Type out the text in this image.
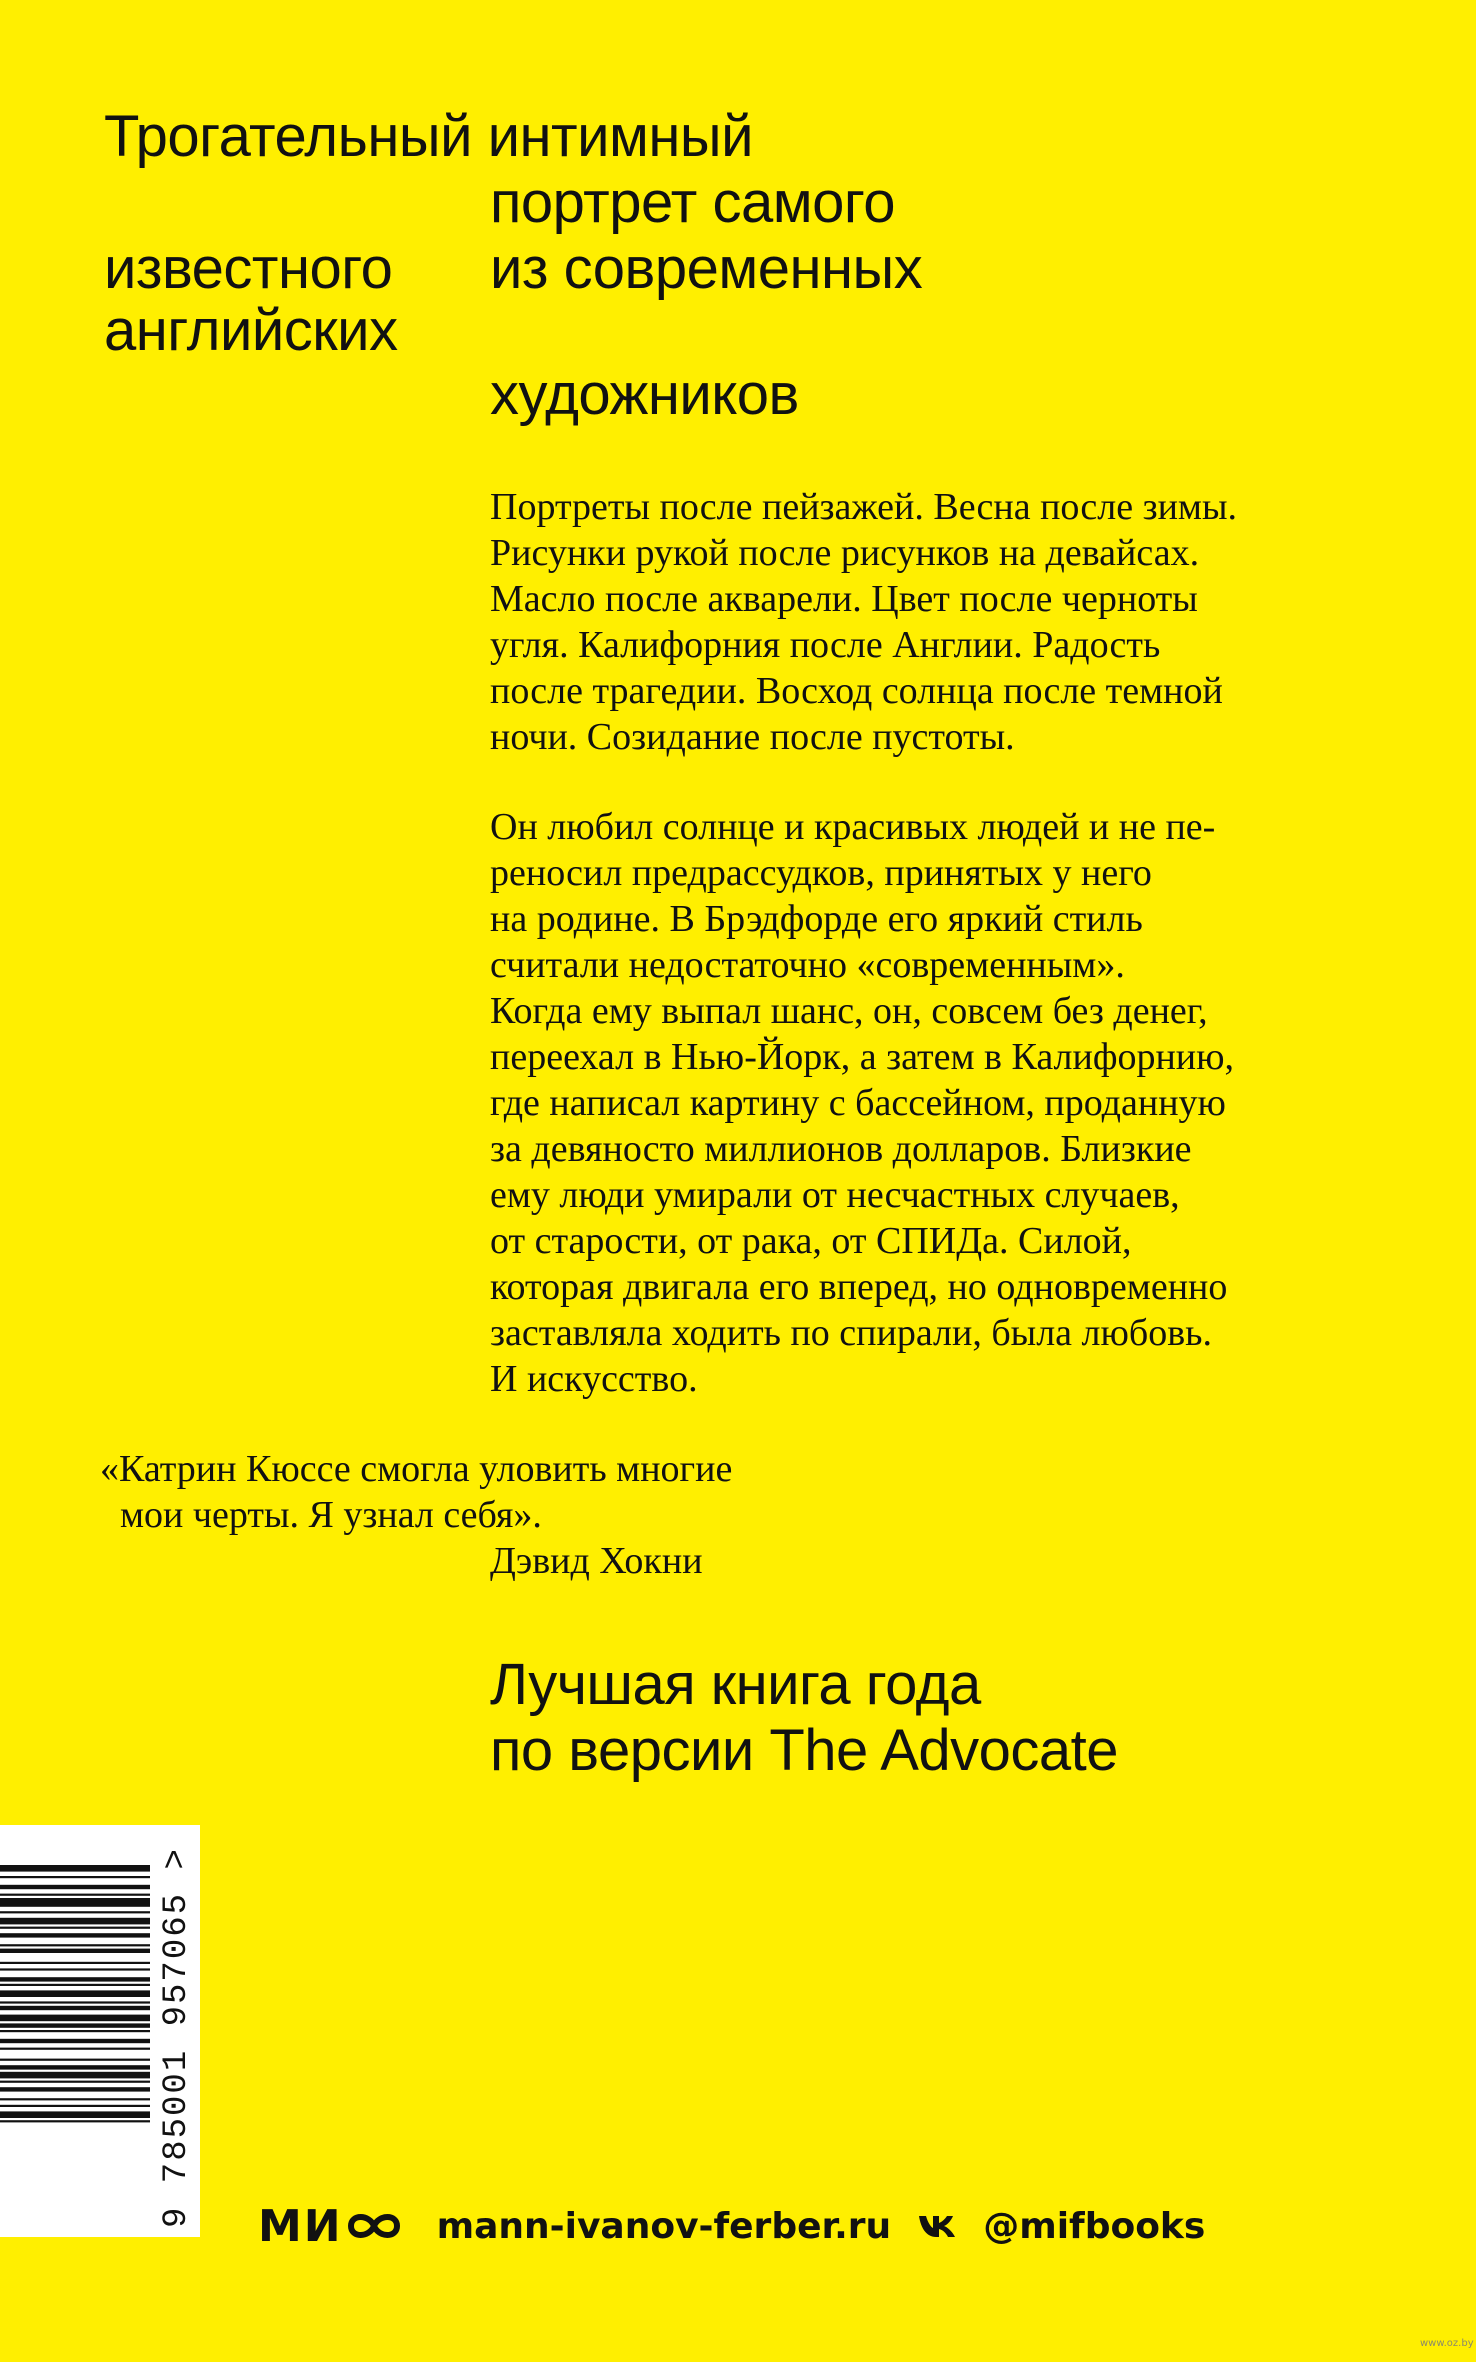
Трогательный интимный
портрет самого
известного из современных
английских
художников
Портреты после пейзажей. Весна после зимы.
Рисунки рукой после рисунков на девайсах.
Масло после акварели. Цвет после черноты
угля. Калифорния после Англии. Радость
после трагедии. Восход солнца после темной
ночи. Созидание после пустоты.
Он любил солнце и красивых людей и не пе-
реносил предрассудков, принятых у него
на родине. В Брэдфорде его яркий стиль
считали недостаточно «современным».
Когда ему выпал шанс, он, совсем без денег,
переехал в Нью-Йорк, а затем в Калифорнию,
где написал картину с бассейном, проданную
за девяносто миллионов долларов. Близкие
ему люди умирали от несчастных случаев,
от старости, от рака, от СПИДа. Силой,
которая двигала его вперед, но одновременно
заставляла ходить по спирали, была любовь.
И искусство.
«Катрин Кюссе смогла уловить многие
мои черты. Я узнал себя».
Дэвид Хокни
Лучшая книга года
по версии The Advocate
9 785001 957065 > МИ	mann-ivanov-ferber.ru	@mifbooks
www.oz.by
